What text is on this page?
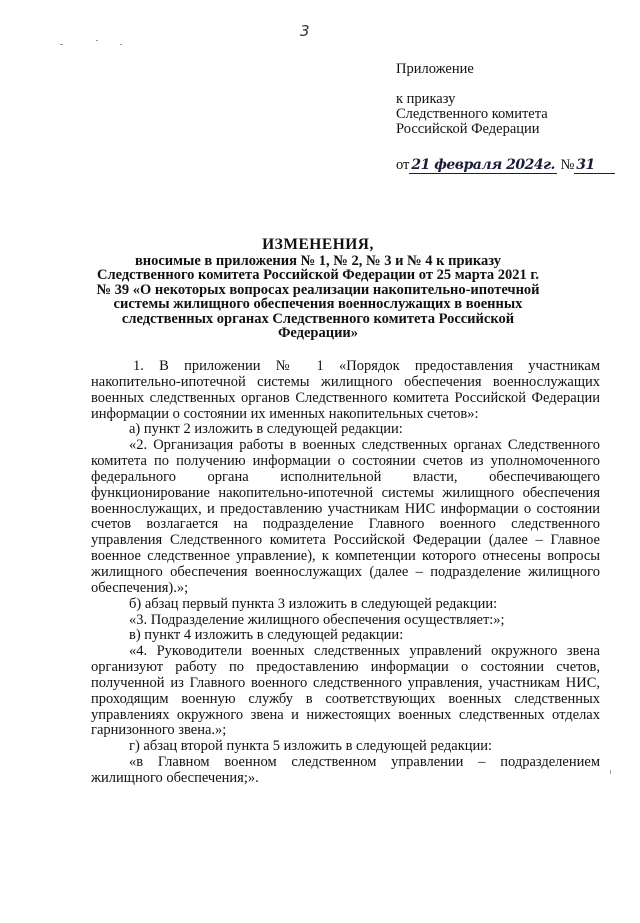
3
Приложение
к приказу
Следственного комитета
Российской Федерации
от 21 февраля 2024г. № 31
ИЗМЕНЕНИЯ,
вносимые в приложения № 1, № 2, № 3 и № 4 к приказу Следственного комитета Российской Федерации от 25 марта 2021 г. № 39 «О некоторых вопросах реализации накопительно-ипотечной системы жилищного обеспечения военнослужащих в военных следственных органах Следственного комитета Российской Федерации»

1. В приложении № 1 «Порядок предоставления участникам накопительно-ипотечной системы жилищного обеспечения военнослужащих военных следственных органов Следственного комитета Российской Федерации информации о состоянии их именных накопительных счетов»:

а) пункт 2 изложить в следующей редакции:

«2. Организация работы в военных следственных органах Следственного комитета по получению информации о состоянии счетов из уполномоченного федерального органа исполнительной власти, обеспечивающего функционирование накопительно-ипотечной системы жилищного обеспечения военнослужащих, и предоставлению участникам НИС информации о состоянии счетов возлагается на подразделение Главного военного следственного управления Следственного комитета Российской Федерации (далее – Главное военное следственное управление), к компетенции которого отнесены вопросы жилищного обеспечения военнослужащих (далее – подразделение жилищного обеспечения).»;

б) абзац первый пункта 3 изложить в следующей редакции:

«3. Подразделение жилищного обеспечения осуществляет:»;

в) пункт 4 изложить в следующей редакции:

«4. Руководители военных следственных управлений окружного звена организуют работу по предоставлению информации о состоянии счетов, полученной из Главного военного следственного управления, участникам НИС, проходящим военную службу в соответствующих военных следственных управлениях окружного звена и нижестоящих военных следственных отделах гарнизонного звена.»;

г) абзац второй пункта 5 изложить в следующей редакции:

«в Главном военном следственном управлении – подразделением жилищного обеспечения;».
